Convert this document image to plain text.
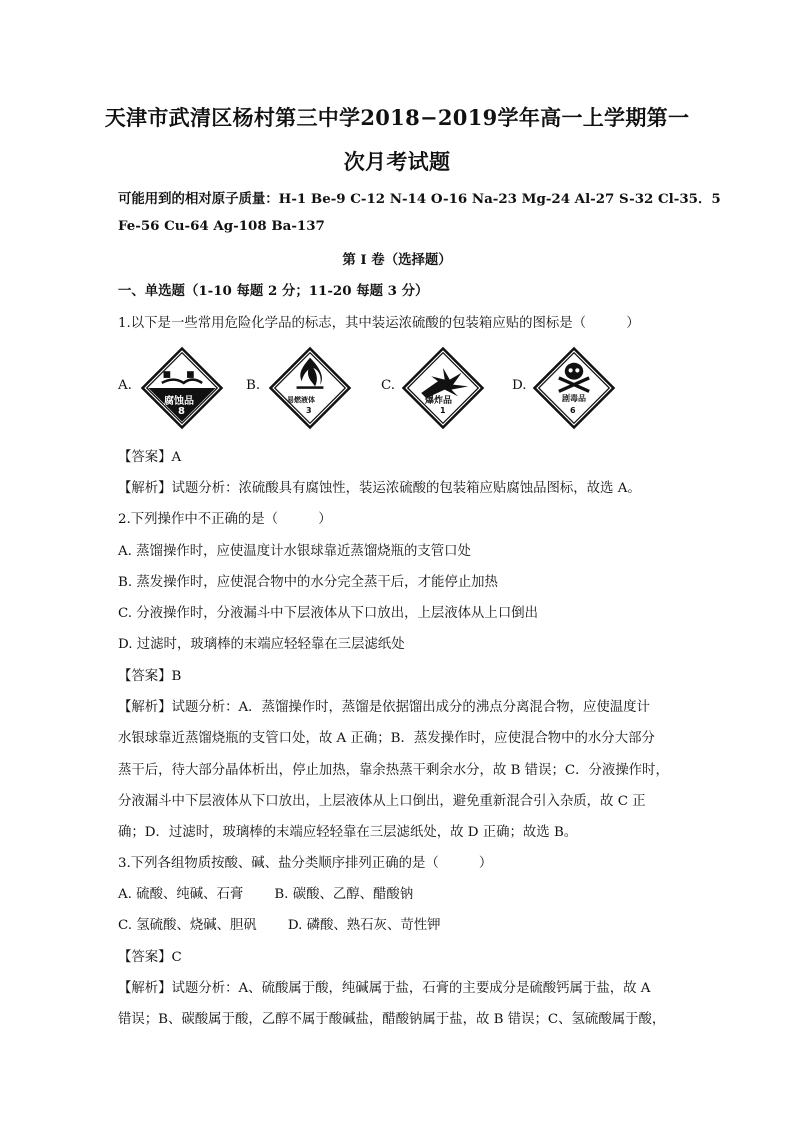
天津市武清区杨村第三中学2018−2019学年高一上学期第一
次月考试题
可能用到的相对原子质量：H-1 Be-9 C-12 N-14 O-16 Na-23 Mg-24 Al-27 S-32 Cl-35．5
Fe-56 Cu-64 Ag-108 Ba-137
第 I 卷（选择题）
一、单选题（1-10 每题 2 分；11-20 每题 3 分）
1.以下是一些常用危险化学品的标志，其中装运浓硫酸的包装箱应贴的图标是（　　　）
A.
腐蚀品
8
B.
易燃液体
3
C.
爆炸品
1
D.
剧毒品
6
【答案】A
【解析】试题分析：浓硫酸具有腐蚀性，装运浓硫酸的包装箱应贴腐蚀品图标，故选 A。
2.下列操作中不正确的是（　　　）
A. 蒸馏操作时，应使温度计水银球靠近蒸馏烧瓶的支管口处
B. 蒸发操作时，应使混合物中的水分完全蒸干后，才能停止加热
C. 分液操作时，分液漏斗中下层液体从下口放出，上层液体从上口倒出
D. 过滤时，玻璃棒的末端应轻轻靠在三层滤纸处
【答案】B
【解析】试题分析：A．蒸馏操作时，蒸馏是依据馏出成分的沸点分离混合物，应使温度计
水银球靠近蒸馏烧瓶的支管口处，故 A 正确；B．蒸发操作时，应使混合物中的水分大部分
蒸干后，待大部分晶体析出，停止加热，靠余热蒸干剩余水分，故 B 错误；C．分液操作时，
分液漏斗中下层液体从下口放出，上层液体从上口倒出，避免重新混合引入杂质，故 C 正
确；D．过滤时，玻璃棒的末端应轻轻靠在三层滤纸处，故 D 正确；故选 B。
3.下列各组物质按酸、碱、盐分类顺序排列正确的是（　　　）
A. 硫酸、纯碱、石膏　　 B. 碳酸、乙醇、醋酸钠
C. 氢硫酸、烧碱、胆矾　　 D. 磷酸、熟石灰、苛性钾
【答案】C
【解析】试题分析：A、硫酸属于酸，纯碱属于盐，石膏的主要成分是硫酸钙属于盐，故 A
错误；B、碳酸属于酸，乙醇不属于酸碱盐，醋酸钠属于盐，故 B 错误；C、氢硫酸属于酸，
